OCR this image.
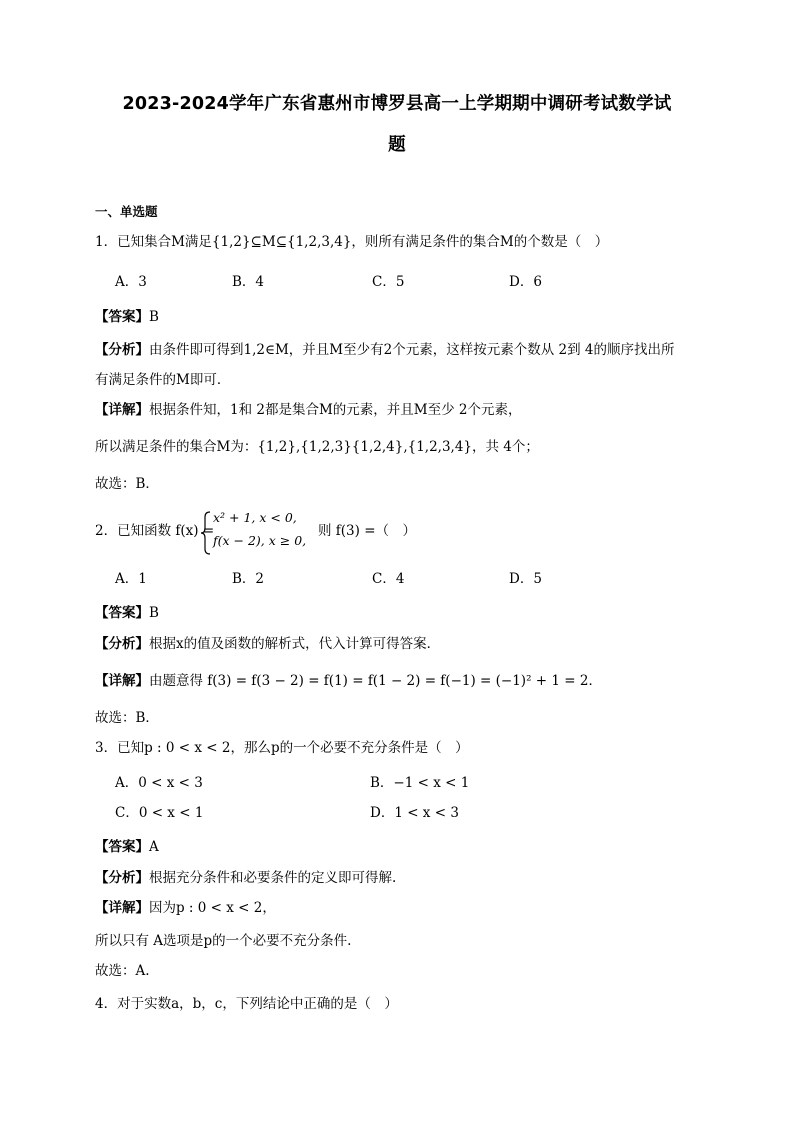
2023-2024学年广东省惠州市博罗县高一上学期期中调研考试数学试
题
一、单选题
1．已知集合M满足{1,2}⊆M⊆{1,2,3,4}，则所有满足条件的集合M的个数是（　）
A．3	B．4	C．5	D．6
【答案】B
【分析】由条件即可得到1,2∈M，并且M至少有2个元素，这样按元素个数从 2到 4的顺序找出所
有满足条件的M即可．
【详解】根据条件知，1和 2都是集合M的元素，并且M至少 2个元素，
所以满足条件的集合M为：{1,2},{1,2,3}{1,2,4},{1,2,3,4}，共 4个；
故选：B．
2．已知函数 f(x) =
x² + 1, x < 0,
f(x − 2), x ≥ 0,
则 f(3) =（　）
A．1	B．2	C．4	D．5
【答案】B
【分析】根据x的值及函数的解析式，代入计算可得答案．
【详解】由题意得 f(3) = f(3 − 2) = f(1) = f(1 − 2) = f(−1) = (−1)² + 1 = 2．
故选：B．
3．已知p : 0 < x < 2，那么p的一个必要不充分条件是（　）
A．0 < x < 3	B．−1 < x < 1
C．0 < x < 1	D．1 < x < 3
【答案】A
【分析】根据充分条件和必要条件的定义即可得解.
【详解】因为p : 0 < x < 2，
所以只有 A选项是p的一个必要不充分条件.
故选：A.
4．对于实数a，b，c，下列结论中正确的是（　）
